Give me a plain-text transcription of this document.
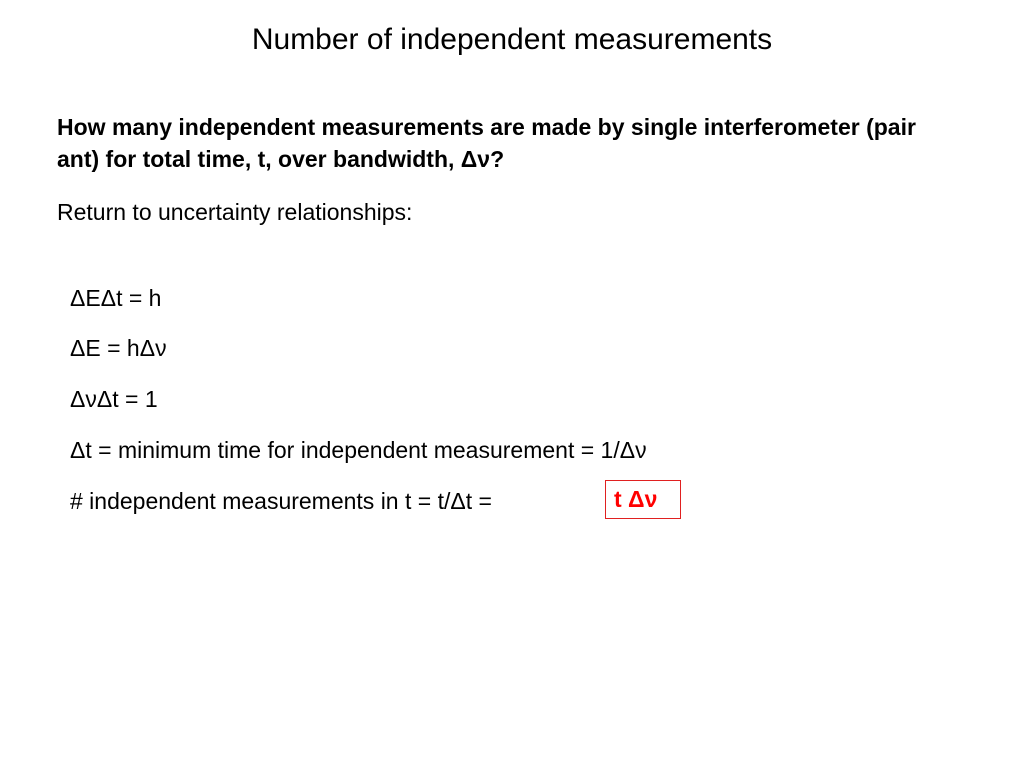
Number of independent measurements
How many independent measurements are made by single interferometer (pair ant) for total time, t, over bandwidth, Δν?
Return to uncertainty relationships:
ΔEΔt = h
ΔE = hΔν
ΔνΔt = 1
Δt = minimum time for independent measurement = 1/Δν
# independent measurements in t = t/Δt =	t Δν
